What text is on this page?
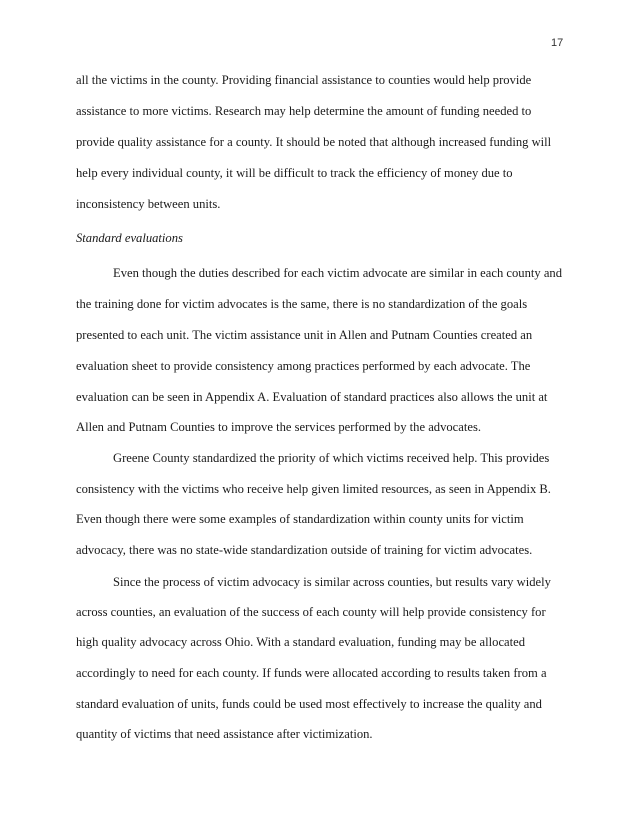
17
all the victims in the county. Providing financial assistance to counties would help provide
assistance to more victims. Research may help determine the amount of funding needed to
provide quality assistance for a county. It should be noted that although increased funding will
help every individual county, it will be difficult to track the efficiency of money due to
inconsistency between units.
Standard evaluations
Even though the duties described for each victim advocate are similar in each county and
the training done for victim advocates is the same, there is no standardization of the goals
presented to each unit. The victim assistance unit in Allen and Putnam Counties created an
evaluation sheet to provide consistency among practices performed by each advocate. The
evaluation can be seen in Appendix A. Evaluation of standard practices also allows the unit at
Allen and Putnam Counties to improve the services performed by the advocates.
Greene County standardized the priority of which victims received help. This provides
consistency with the victims who receive help given limited resources, as seen in Appendix B.
Even though there were some examples of standardization within county units for victim
advocacy, there was no state-wide standardization outside of training for victim advocates.
Since the process of victim advocacy is similar across counties, but results vary widely
across counties, an evaluation of the success of each county will help provide consistency for
high quality advocacy across Ohio. With a standard evaluation, funding may be allocated
accordingly to need for each county. If funds were allocated according to results taken from a
standard evaluation of units, funds could be used most effectively to increase the quality and
quantity of victims that need assistance after victimization.
